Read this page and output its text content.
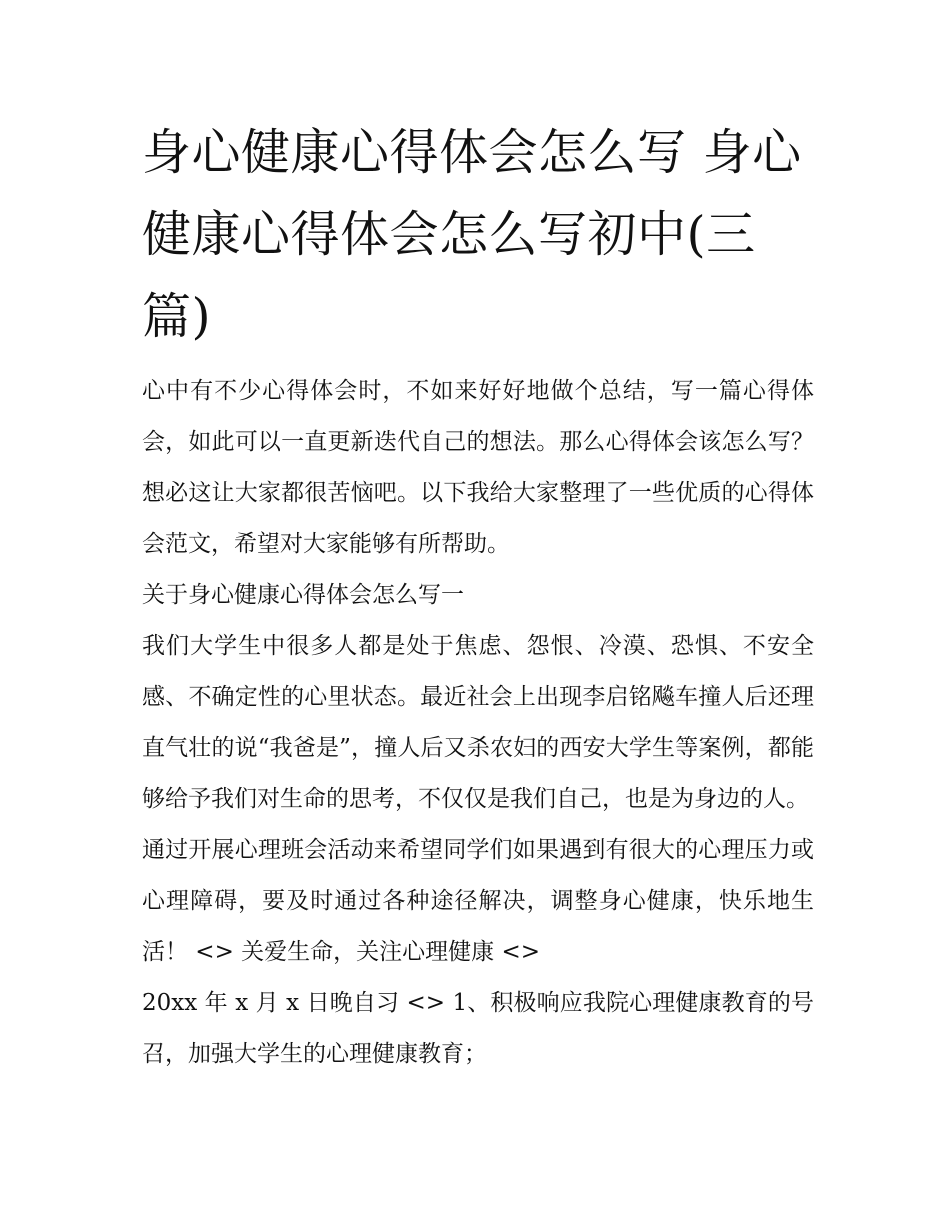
身心健康心得体会怎么写 身心健康心得体会怎么写初中(三篇)

心中有不少心得体会时，不如来好好地做个总结，写一篇心得体会，如此可以一直更新迭代自己的想法。那么心得体会该怎么写？想必这让大家都很苦恼吧。以下我给大家整理了一些优质的心得体会范文，希望对大家能够有所帮助。

关于身心健康心得体会怎么写一

我们大学生中很多人都是处于焦虑、怨恨、冷漠、恐惧、不安全感、不确定性的心里状态。最近社会上出现李启铭飚车撞人后还理直气壮的说“我爸是”，撞人后又杀农妇的西安大学生等案例，都能够给予我们对生命的思考，不仅仅是我们自己，也是为身边的人。

通过开展心理班会活动来希望同学们如果遇到有很大的心理压力或心理障碍，要及时通过各种途径解决，调整身心健康，快乐地生活！ <> 关爱生命，关注心理健康 <>

20xx 年 x 月 x 日晚自习 <> 1、积极响应我院心理健康教育的号召，加强大学生的心理健康教育；
